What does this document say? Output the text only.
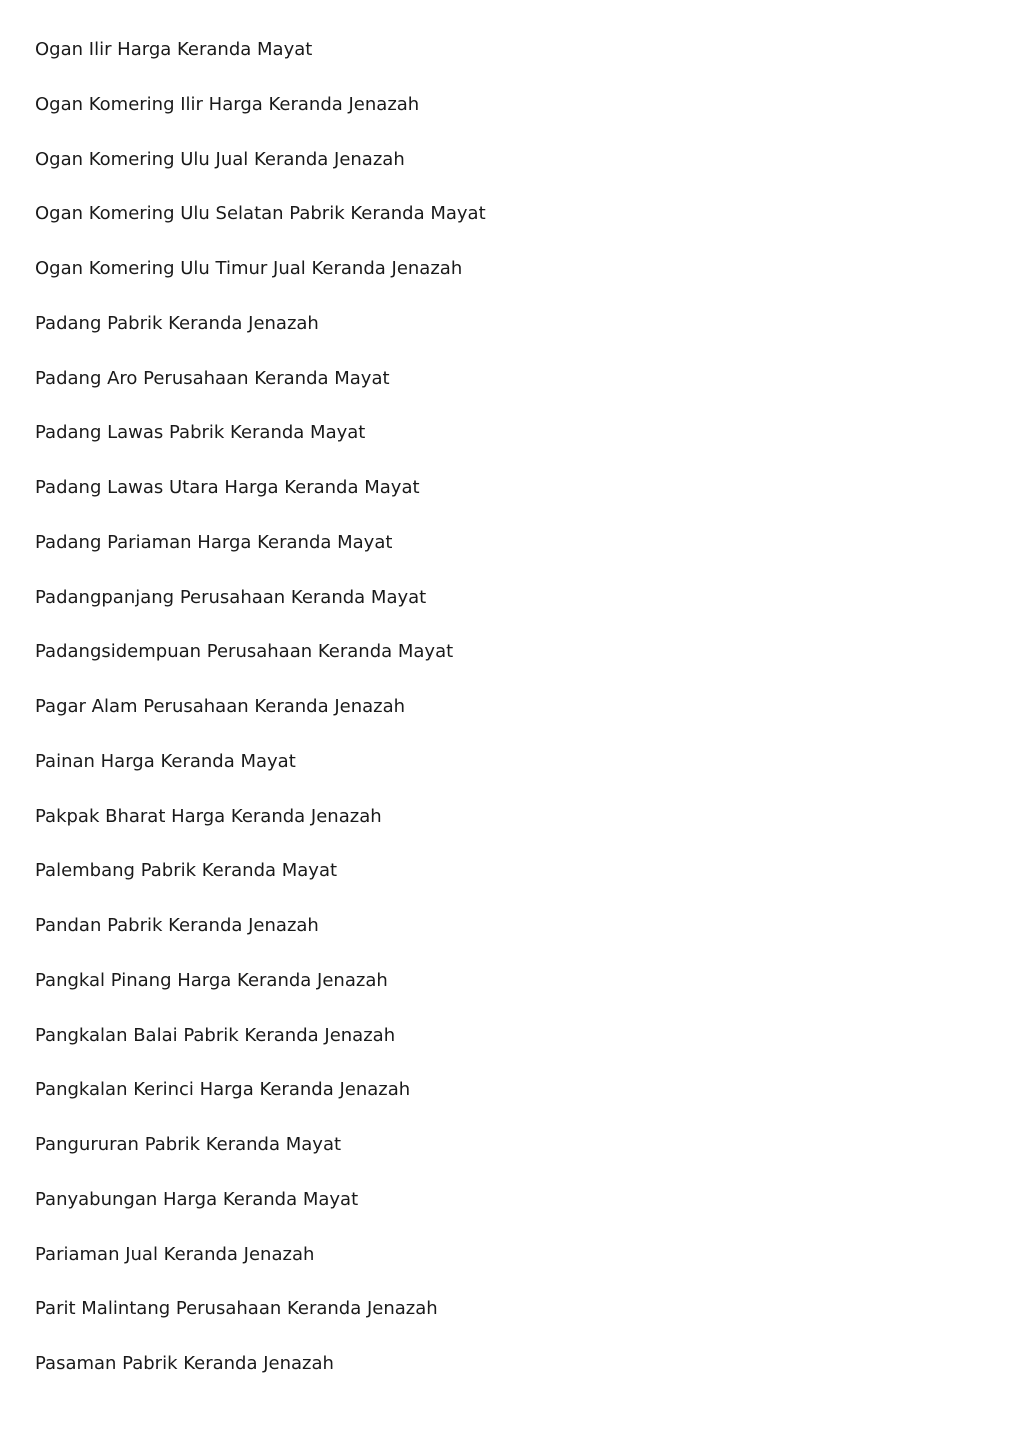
Ogan Ilir Harga Keranda Mayat
Ogan Komering Ilir Harga Keranda Jenazah
Ogan Komering Ulu Jual Keranda Jenazah
Ogan Komering Ulu Selatan Pabrik Keranda Mayat
Ogan Komering Ulu Timur Jual Keranda Jenazah
Padang Pabrik Keranda Jenazah
Padang Aro Perusahaan Keranda Mayat
Padang Lawas Pabrik Keranda Mayat
Padang Lawas Utara Harga Keranda Mayat
Padang Pariaman Harga Keranda Mayat
Padangpanjang Perusahaan Keranda Mayat
Padangsidempuan Perusahaan Keranda Mayat
Pagar Alam Perusahaan Keranda Jenazah
Painan Harga Keranda Mayat
Pakpak Bharat Harga Keranda Jenazah
Palembang Pabrik Keranda Mayat
Pandan Pabrik Keranda Jenazah
Pangkal Pinang Harga Keranda Jenazah
Pangkalan Balai Pabrik Keranda Jenazah
Pangkalan Kerinci Harga Keranda Jenazah
Pangururan Pabrik Keranda Mayat
Panyabungan Harga Keranda Mayat
Pariaman Jual Keranda Jenazah
Parit Malintang Perusahaan Keranda Jenazah
Pasaman Pabrik Keranda Jenazah
